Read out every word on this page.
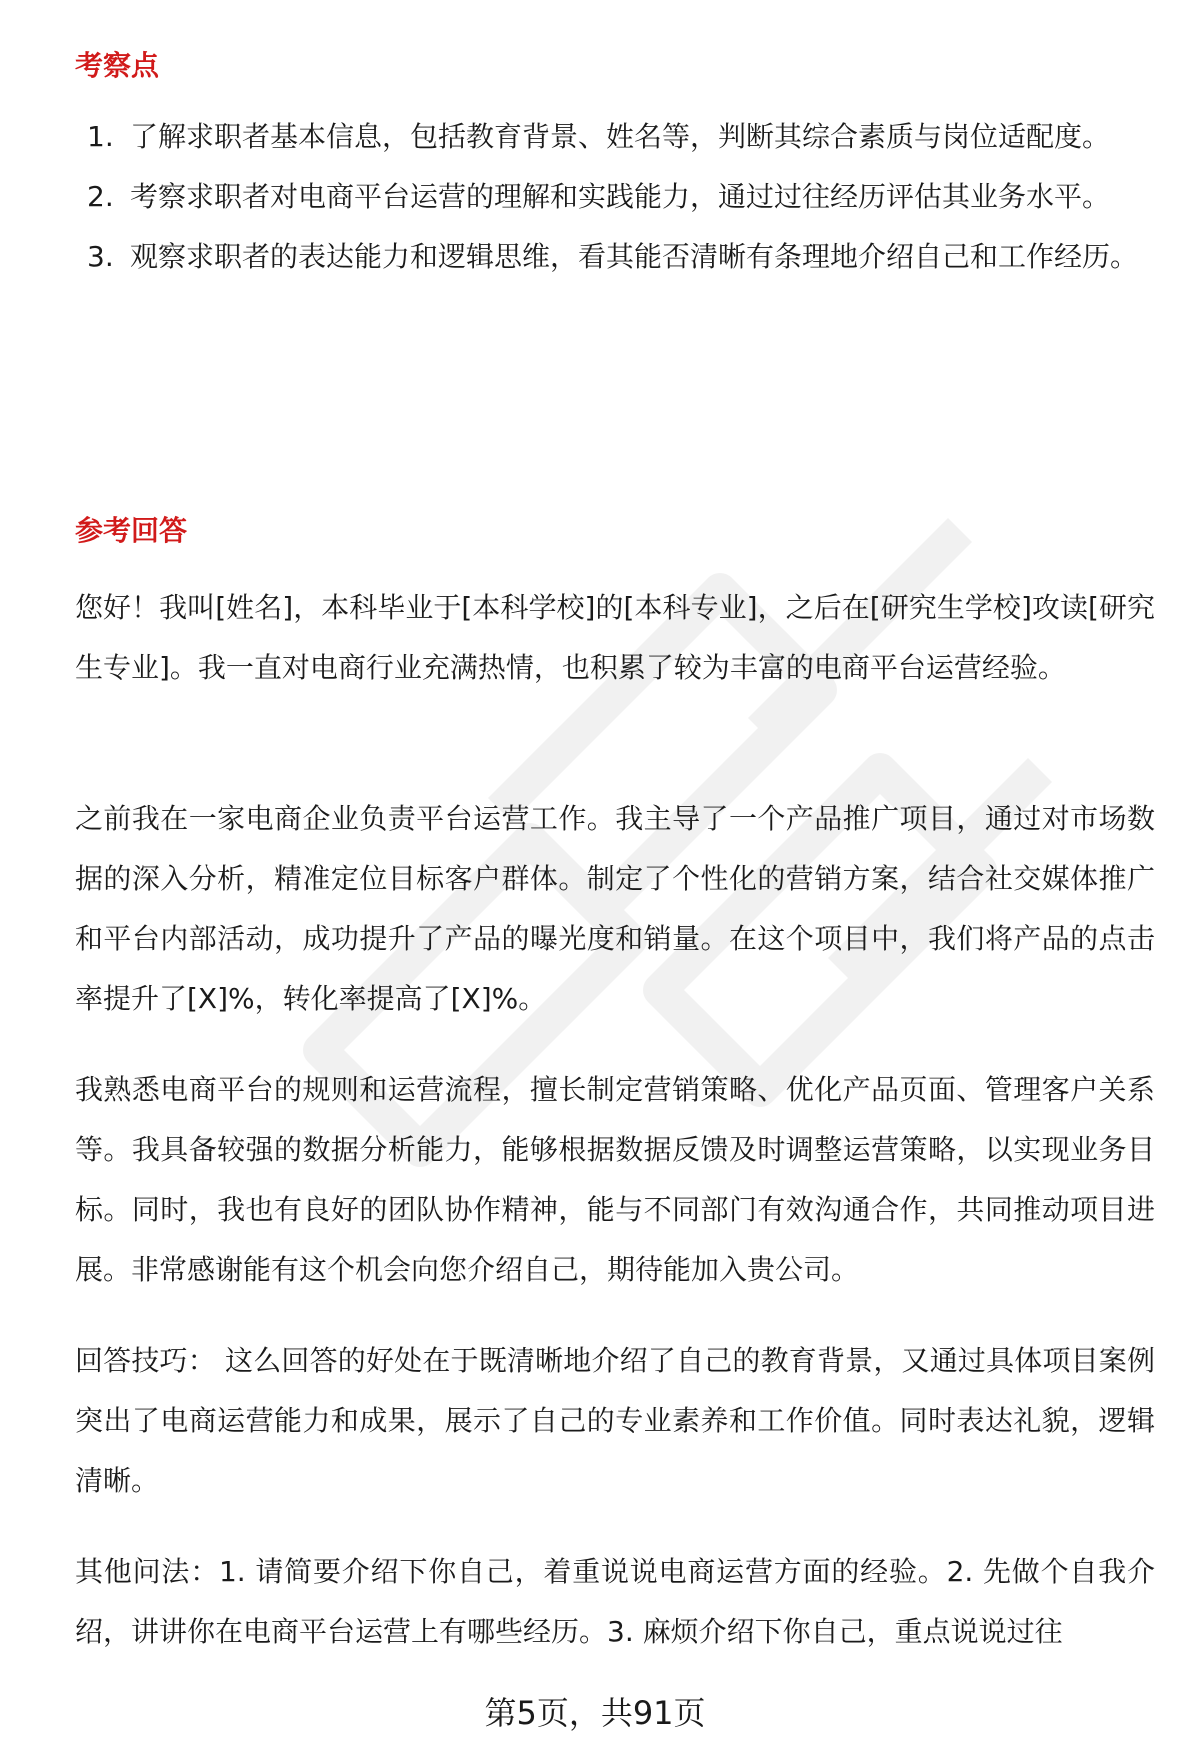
考察点
1. 了解求职者基本信息，包括教育背景、姓名等，判断其综合素质与岗位适配度。
2. 考察求职者对电商平台运营的理解和实践能力，通过过往经历评估其业务水平。
3. 观察求职者的表达能力和逻辑思维，看其能否清晰有条理地介绍自己和工作经历。
参考回答

您好！我叫[姓名]，本科毕业于[本科学校]的[本科专业]，之后在[研究生学校]攻读[研究生专业]。我一直对电商行业充满热情，也积累了较为丰富的电商平台运营经验。

之前我在一家电商企业负责平台运营工作。我主导了一个产品推广项目，通过对市场数据的深入分析，精准定位目标客户群体。制定了个性化的营销方案，结合社交媒体推广和平台内部活动，成功提升了产品的曝光度和销量。在这个项目中，我们将产品的点击率提升了[X]%，转化率提高了[X]%。

我熟悉电商平台的规则和运营流程，擅长制定营销策略、优化产品页面、管理客户关系等。我具备较强的数据分析能力，能够根据数据反馈及时调整运营策略，以实现业务目标。同时，我也有良好的团队协作精神，能与不同部门有效沟通合作，共同推动项目进展。非常感谢能有这个机会向您介绍自己，期待能加入贵公司。

回答技巧： 这么回答的好处在于既清晰地介绍了自己的教育背景，又通过具体项目案例突出了电商运营能力和成果，展示了自己的专业素养和工作价值。同时表达礼貌，逻辑清晰。

其他问法：1. 请简要介绍下你自己，着重说说电商运营方面的经验。2. 先做个自我介绍，讲讲你在电商平台运营上有哪些经历。3. 麻烦介绍下你自己，重点说说过往

第5页，共91页
